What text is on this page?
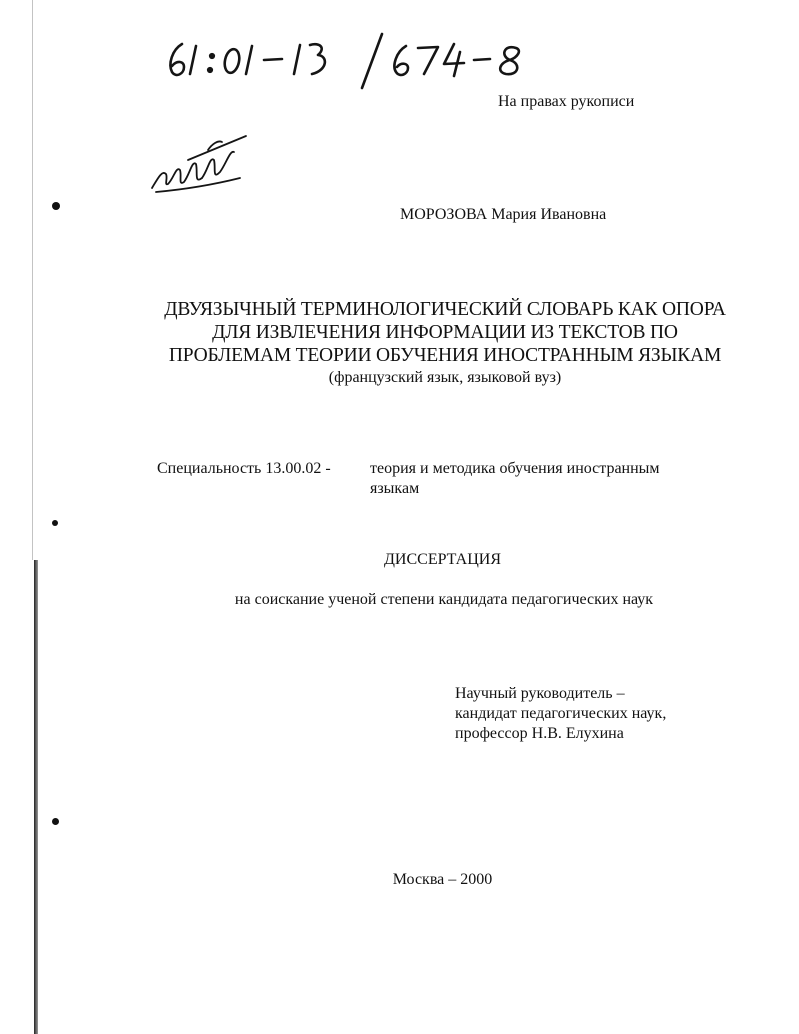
На правах рукописи
МОРОЗОВА Мария Ивановна
ДВУЯЗЫЧНЫЙ ТЕРМИНОЛОГИЧЕСКИЙ СЛОВАРЬ КАК ОПОРА
ДЛЯ ИЗВЛЕЧЕНИЯ ИНФОРМАЦИИ ИЗ ТЕКСТОВ ПО
ПРОБЛЕМАМ ТЕОРИИ ОБУЧЕНИЯ ИНОСТРАННЫМ ЯЗЫКАМ
(французский язык, языковой вуз)
Специальность 13.00.02 - теория и методика обучения иностранным языкам
ДИССЕРТАЦИЯ
на соискание ученой степени кандидата педагогических наук
Научный руководитель –
кандидат педагогических наук,
профессор Н.В. Елухина
Москва – 2000
